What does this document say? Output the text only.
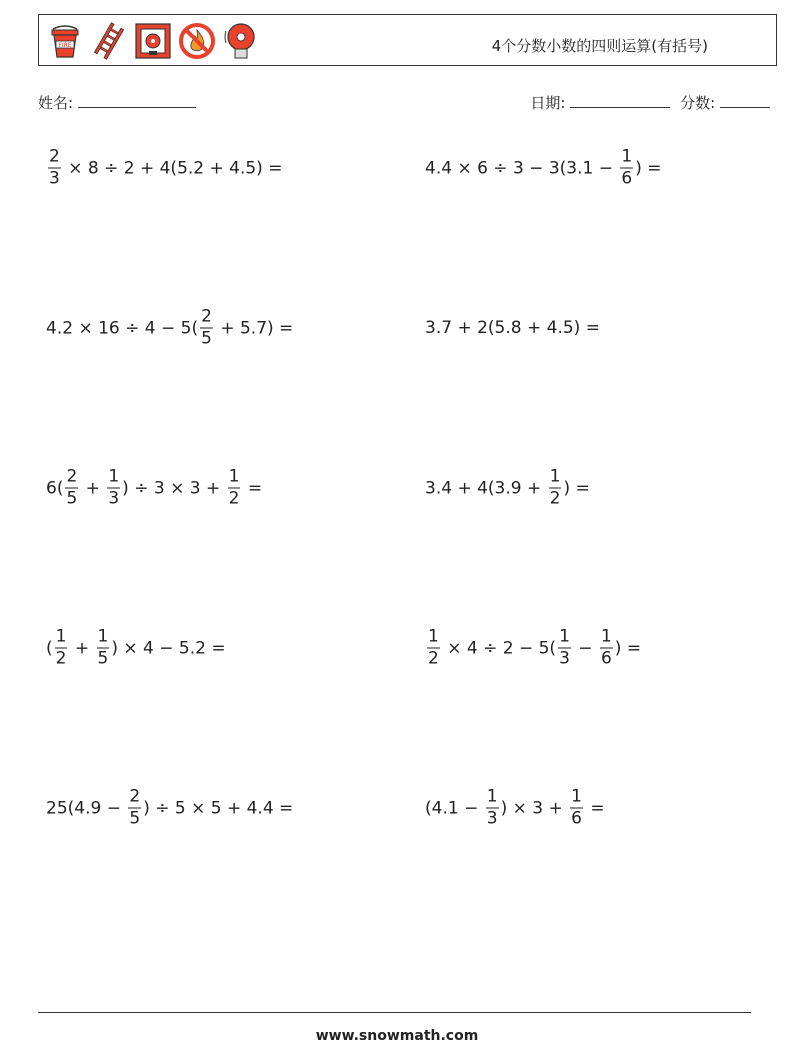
FIRE	4个分数小数的四则运算(有括号)
姓名:	日期:	分数:
$\frac{2}{3} \times 8 \div 2 + 4(5.2 + 4.5)$ =	$4.4 \times 6 \div 3 - 3(3.1 - \frac{1}{6}$ ) =
$4.2 \times 16 \div 4 - 5( \frac{2}{5} + 5.7)$ =	3.7 + 2(5.8 + 4.5) =
$6( \frac{2}{5} + \frac{1}{3}$ ) ÷ $3 \times 3 + \frac{1}{2}$ =	$3.4 + 4(3.9 + \frac{1}{2}$ ) =
( $\frac{1}{2} + \frac{1}{5}$ ) × 4 − 5.2 =	$\frac{1}{2} \times 4 \div 2 - 5( \frac{1}{3} - \frac{1}{6}$ ) =
$25(4.9 - \frac{2}{5}$ ) ÷ 5 × 5 + 4.4 =	($4.1 - \frac{1}{3}$ ) × $3 + \frac{1}{6}$ =
www.snowmath.com
